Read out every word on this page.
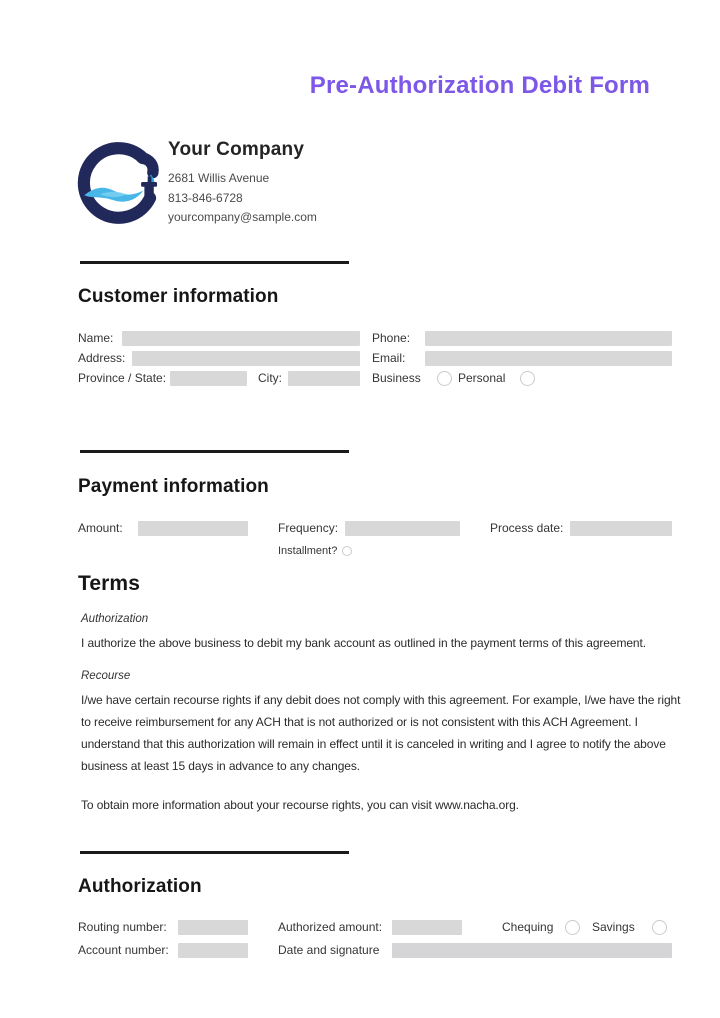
Pre-Authorization Debit Form
Your Company
2681 Willis Avenue
813-846-6728
yourcompany@sample.com
Customer information
Name:	Phone:
Address:	Email:
Province / State:	City:	Business	Personal
Payment information
Amount:	Frequency:	Process date:
Installment?
Terms
Authorization
I authorize the above business to debit my bank account as outlined in the payment terms of this agreement.
Recourse
I/we have certain recourse rights if any debit does not comply with this agreement. For example, I/we have the right to receive reimbursement for any ACH that is not authorized or is not consistent with this ACH Agreement. I understand that this authorization will remain in effect until it is canceled in writing and I agree to notify the above business at least 15 days in advance to any changes.
To obtain more information about your recourse rights, you can visit www.nacha.org.
Authorization
Routing number:	Authorized amount:	Chequing	Savings
Account number:	Date and signature
